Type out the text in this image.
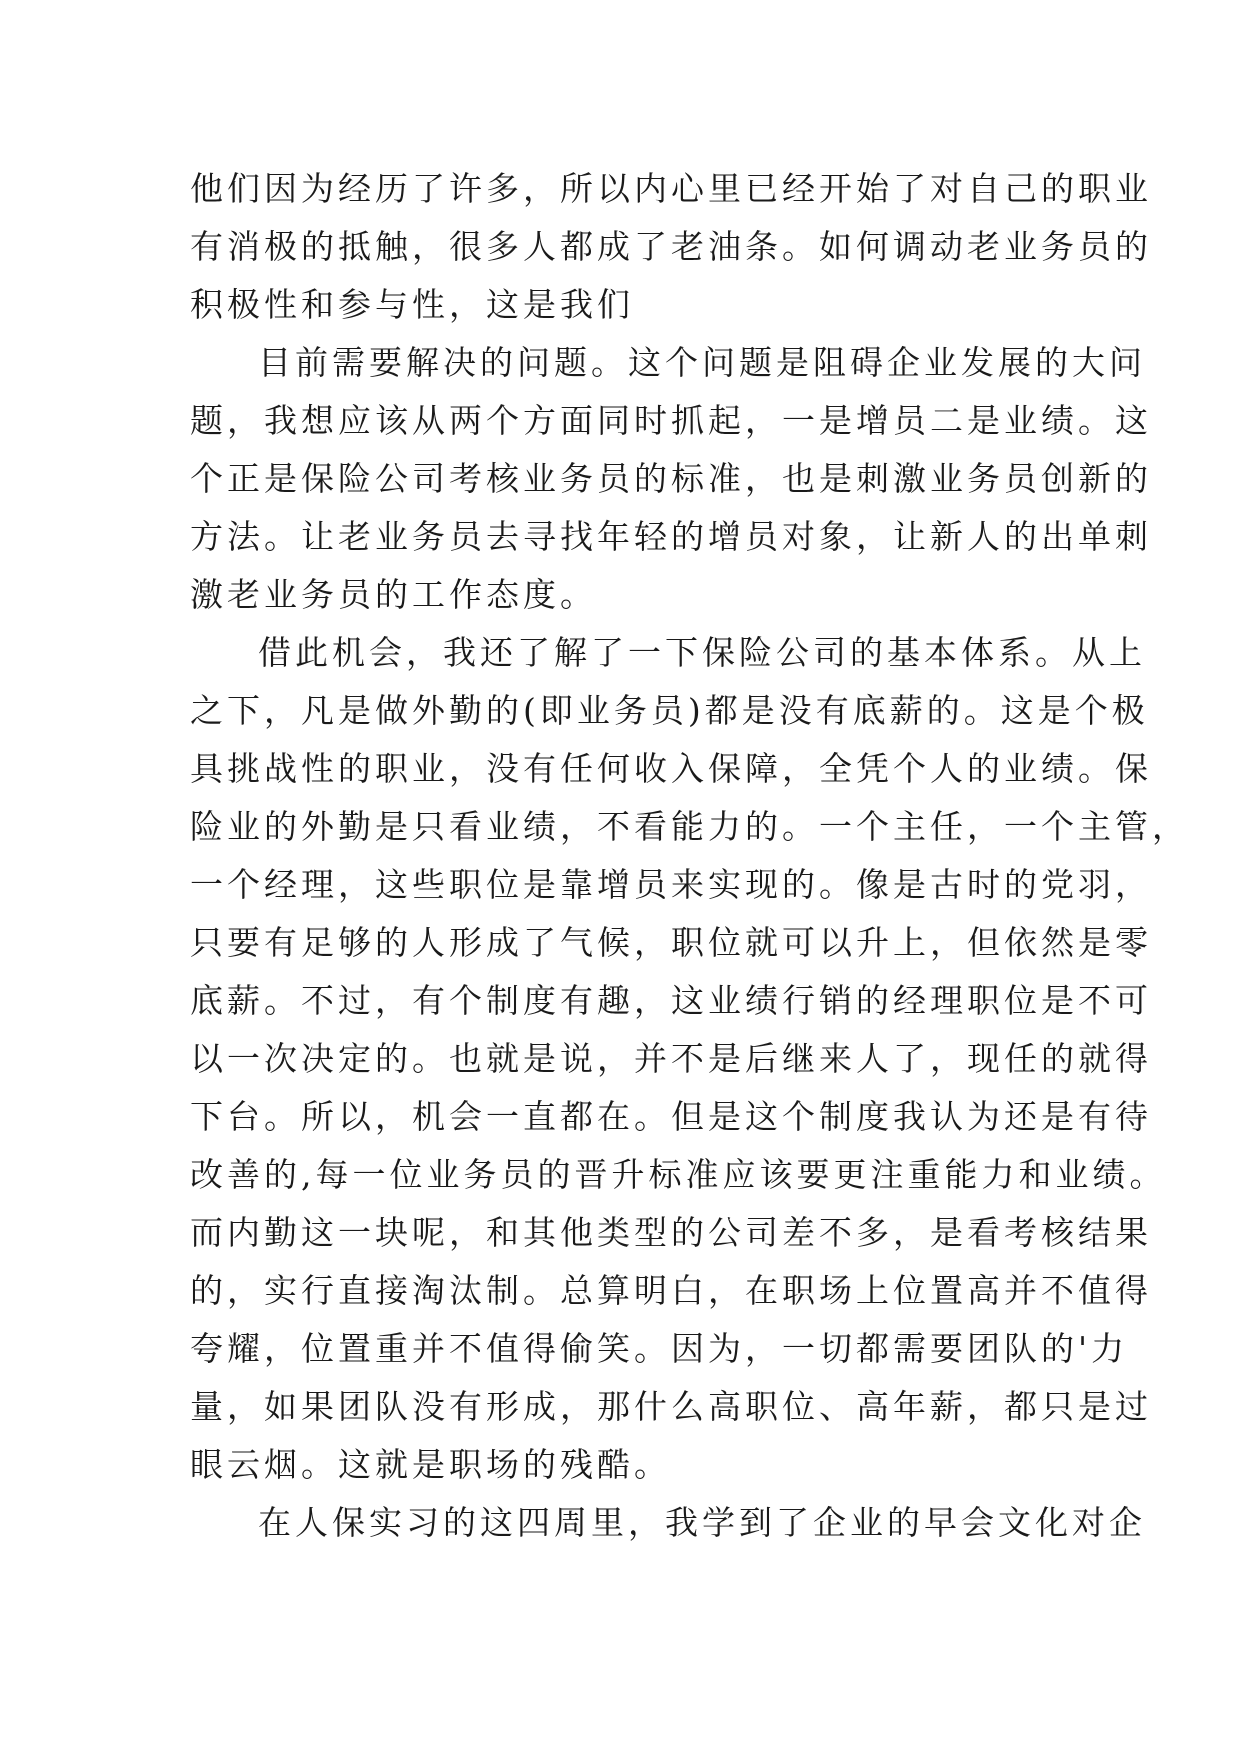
他们因为经历了许多，所以内心里已经开始了对自己的职业
有消极的抵触，很多人都成了老油条。如何调动老业务员的
积极性和参与性，这是我们
目前需要解决的问题。这个问题是阻碍企业发展的大问
题，我想应该从两个方面同时抓起，一是增员二是业绩。这
个正是保险公司考核业务员的标准，也是刺激业务员创新的
方法。让老业务员去寻找年轻的增员对象，让新人的出单刺
激老业务员的工作态度。
借此机会，我还了解了一下保险公司的基本体系。从上
之下，凡是做外勤的(即业务员)都是没有底薪的。这是个极
具挑战性的职业，没有任何收入保障，全凭个人的业绩。保
险业的外勤是只看业绩，不看能力的。一个主任，一个主管，
一个经理，这些职位是靠增员来实现的。像是古时的党羽，
只要有足够的人形成了气候，职位就可以升上，但依然是零
底薪。不过，有个制度有趣，这业绩行销的经理职位是不可
以一次决定的。也就是说，并不是后继来人了，现任的就得
下台。所以，机会一直都在。但是这个制度我认为还是有待
改善的,每一位业务员的晋升标准应该要更注重能力和业绩。
而内勤这一块呢，和其他类型的公司差不多，是看考核结果
的，实行直接淘汰制。总算明白，在职场上位置高并不值得
夸耀，位置重并不值得偷笑。因为，一切都需要团队的'力
量，如果团队没有形成，那什么高职位、高年薪，都只是过
眼云烟。这就是职场的残酷。
在人保实习的这四周里，我学到了企业的早会文化对企
